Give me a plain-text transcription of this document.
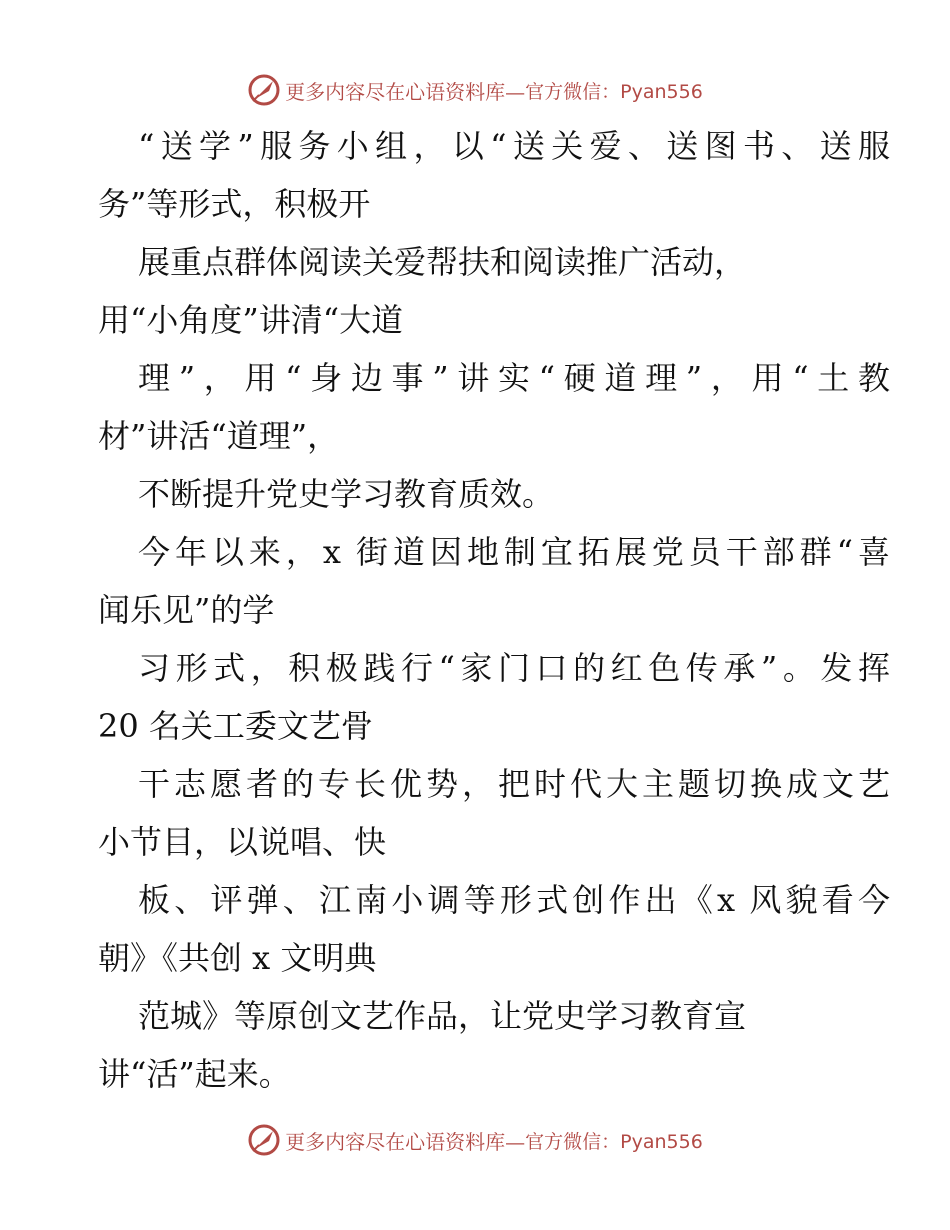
更多内容尽在心语资料库— 官方微信：Pyan556
“送学”服务小组，以“送关爱、送图书、送服
务”等形式，积极开
展重点群体阅读关爱帮扶和阅读推广活动，
用“小角度”讲清“大道
理”，用“身边事”讲实“硬道理”，用“土教
材”讲活“道理”，
不断提升党史学习教育质效。
今年以来，x 街道因地制宜拓展党员干部群“喜
闻乐见”的学
习形式，积极践行“家门口的红色传承”。发挥
20 名关工委文艺骨
干志愿者的专长优势，把时代大主题切换成文艺
小节目，以说唱、快
板、评弹、江南小调等形式创作出《x 风貌看今
朝》《共创 x 文明典
范城》等原创文艺作品，让党史学习教育宣
讲“活”起来。
更多内容尽在心语资料库— 官方微信：Pyan556
